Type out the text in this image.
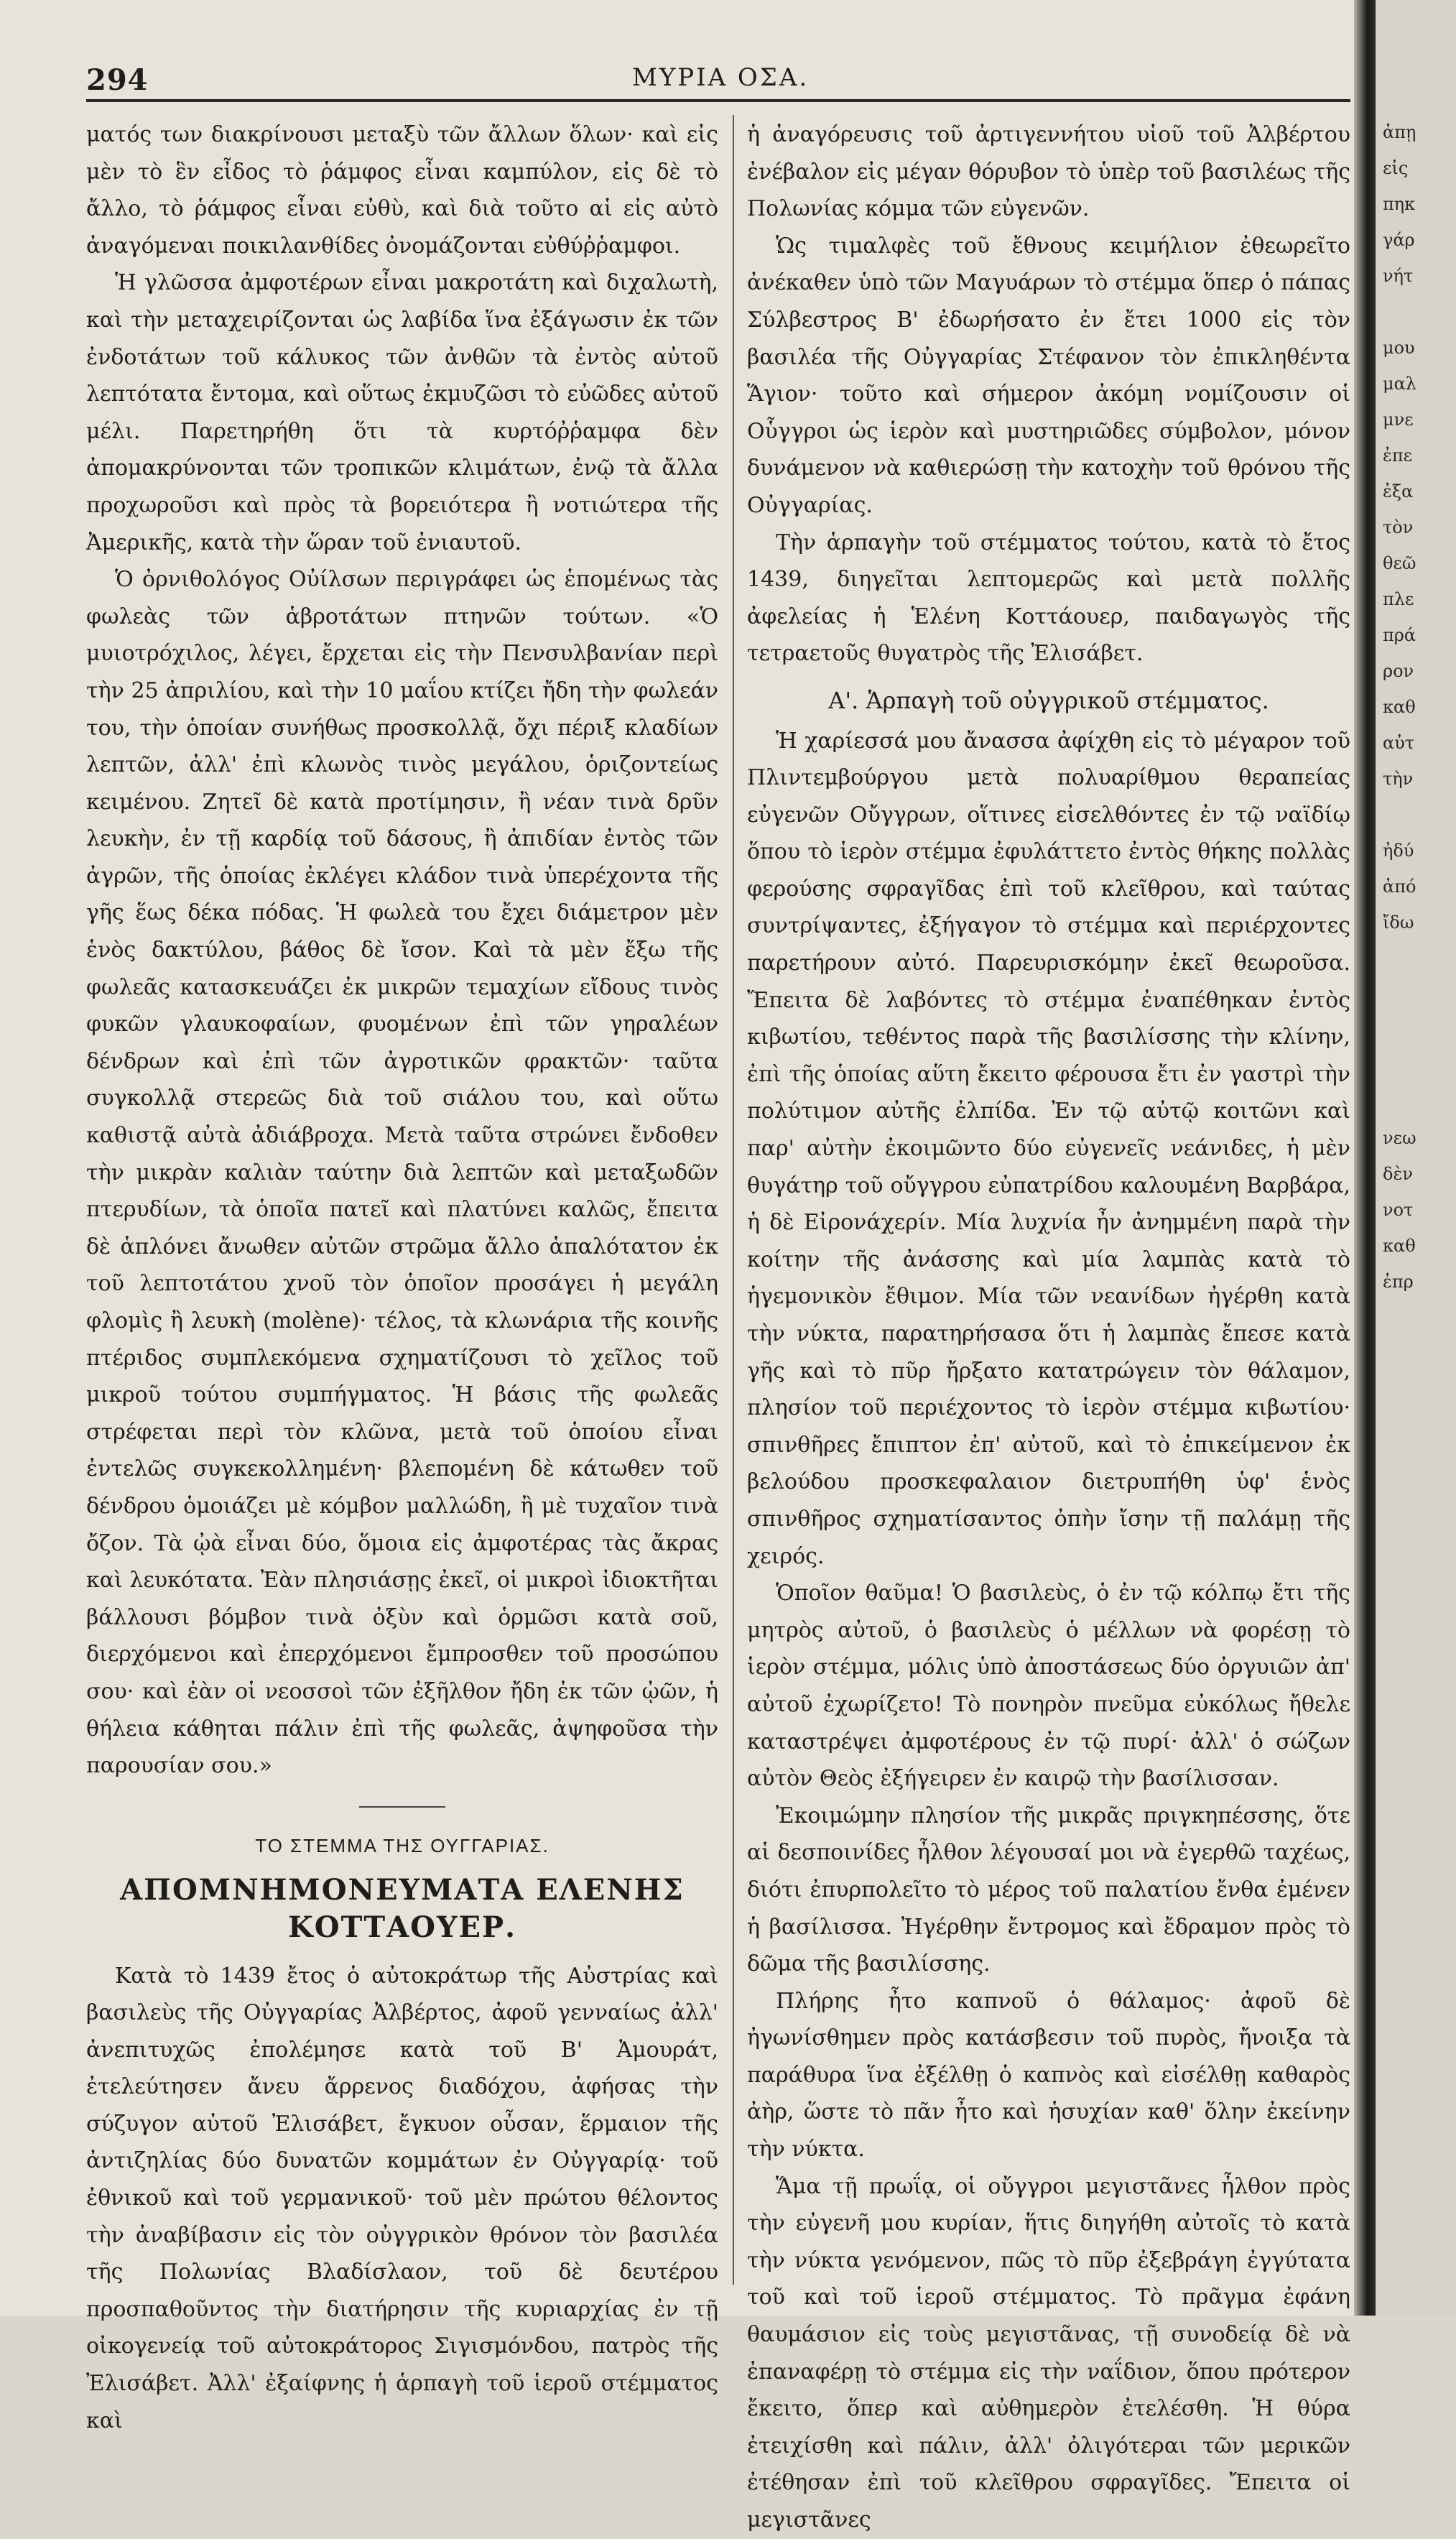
294	ΜΥΡΙΑ ΟΣΑ.

ματός των διακρίνουσι μεταξὺ τῶν ἄλλων ὅλων· καὶ εἰς μὲν τὸ ἓν εἶδος τὸ ῥάμφος εἶναι καμπύλον, εἰς δὲ τὸ ἄλλο, τὸ ῥάμφος εἶναι εὐθὺ, καὶ διὰ τοῦτο αἱ εἰς αὐτὸ ἀναγόμεναι ποικιλανθίδες ὀνομάζονται εὐθύῤῥαμφοι.

Ἡ γλῶσσα ἀμφοτέρων εἶναι μακροτάτη καὶ διχαλωτὴ, καὶ τὴν μεταχειρίζονται ὡς λαβίδα ἵνα ἐξάγωσιν ἐκ τῶν ἐνδοτάτων τοῦ κάλυκος τῶν ἀνθῶν τὰ ἐντὸς αὐτοῦ λεπτότατα ἔντομα, καὶ οὕτως ἐκμυζῶσι τὸ εὐῶδες αὐτοῦ μέλι. Παρετηρήθη ὅτι τὰ κυρτόῤῥαμφα δὲν ἀπομακρύνονται τῶν τροπικῶν κλιμάτων, ἐνῷ τὰ ἄλλα προχωροῦσι καὶ πρὸς τὰ βορειότερα ἢ νοτιώτερα τῆς Ἀμερικῆς, κατὰ τὴν ὥραν τοῦ ἐνιαυτοῦ.

Ὁ ὀρνιθολόγος Οὐίλσων περιγράφει ὡς ἑπομένως τὰς φωλεὰς τῶν ἁβροτάτων πτηνῶν τούτων. «Ὁ μυιοτρόχιλος, λέγει, ἔρχεται εἰς τὴν Πενσυλβανίαν περὶ τὴν 25 ἀπριλίου, καὶ τὴν 10 μαΐου κτίζει ἤδη τὴν φωλεάν του, τὴν ὁποίαν συνήθως προσκολλᾷ, ὄχι πέριξ κλαδίων λεπτῶν, ἀλλ' ἐπὶ κλωνὸς τινὸς μεγάλου, ὁριζοντείως κειμένου. Ζητεῖ δὲ κατὰ προτίμησιν, ἢ νέαν τινὰ δρῦν λευκὴν, ἐν τῇ καρδίᾳ τοῦ δάσους, ἢ ἀπιδίαν ἐντὸς τῶν ἀγρῶν, τῆς ὁποίας ἐκλέγει κλάδον τινὰ ὑπερέχοντα τῆς γῆς ἕως δέκα πόδας. Ἡ φωλεὰ του ἔχει διάμετρον μὲν ἑνὸς δακτύλου, βάθος δὲ ἴσον. Καὶ τὰ μὲν ἔξω τῆς φωλεᾶς κατασκευάζει ἐκ μικρῶν τεμαχίων εἴδους τινὸς φυκῶν γλαυκοφαίων, φυομένων ἐπὶ τῶν γηραλέων δένδρων καὶ ἐπὶ τῶν ἀγροτικῶν φρακτῶν· ταῦτα συγκολλᾷ στερεῶς διὰ τοῦ σιάλου του, καὶ οὕτω καθιστᾷ αὐτὰ ἀδιάβροχα. Μετὰ ταῦτα στρώνει ἔνδοθεν τὴν μικρὰν καλιὰν ταύτην διὰ λεπτῶν καὶ μεταξωδῶν πτερυδίων, τὰ ὁποῖα πατεῖ καὶ πλατύνει καλῶς, ἔπειτα δὲ ἁπλόνει ἄνωθεν αὐτῶν στρῶμα ἄλλο ἁπαλότατον ἐκ τοῦ λεπτοτάτου χνοῦ τὸν ὁποῖον προσάγει ἡ μεγάλη φλομὶς ἢ λευκὴ (molène)· τέλος, τὰ κλωνάρια τῆς κοινῆς πτέριδος συμπλεκόμενα σχηματίζουσι τὸ χεῖλος τοῦ μικροῦ τούτου συμπήγματος. Ἡ βάσις τῆς φωλεᾶς στρέφεται περὶ τὸν κλῶνα, μετὰ τοῦ ὁποίου εἶναι ἐντελῶς συγκεκολλημένη· βλεπομένη δὲ κάτωθεν τοῦ δένδρου ὁμοιάζει μὲ κόμβον μαλλώδη, ἢ μὲ τυχαῖον τινὰ ὄζον. Τὰ ᾠὰ εἶναι δύο, ὅμοια εἰς ἀμφοτέρας τὰς ἄκρας καὶ λευκότατα. Ἐὰν πλησιάσῃς ἐκεῖ, οἱ μικροὶ ἰδιοκτῆται βάλλουσι βόμβον τινὰ ὀξὺν καὶ ὁρμῶσι κατὰ σοῦ, διερχόμενοι καὶ ἐπερχόμενοι ἔμπροσθεν τοῦ προσώπου σου· καὶ ἐὰν οἱ νεοσσοὶ τῶν ἐξῆλθον ἤδη ἐκ τῶν ᾠῶν, ἡ θήλεια κάθηται πάλιν ἐπὶ τῆς φωλεᾶς, ἀψηφοῦσα τὴν παρουσίαν σου.»

ΤΟ ΣΤΕΜΜΑ ΤΗΣ ΟΥΓΓΑΡΙΑΣ.
ΑΠΟΜΝΗΜΟΝΕΥΜΑΤΑ ΕΛΕΝΗΣ ΚΟΤΤΑΟΥΕΡ.

Κατὰ τὸ 1439 ἔτος ὁ αὐτοκράτωρ τῆς Αὐστρίας καὶ βασιλεὺς τῆς Οὐγγαρίας Ἀλβέρτος, ἀφοῦ γενναίως ἀλλ' ἀνεπιτυχῶς ἐπολέμησε κατὰ τοῦ Β' Ἀμουράτ, ἐτελεύτησεν ἄνευ ἄρρενος διαδόχου, ἀφήσας τὴν σύζυγον αὐτοῦ Ἐλισάβετ, ἔγκυον οὖσαν, ἕρμαιον τῆς ἀντιζηλίας δύο δυνατῶν κομμάτων ἐν Οὐγγαρίᾳ· τοῦ ἐθνικοῦ καὶ τοῦ γερμανικοῦ· τοῦ μὲν πρώτου θέλοντος τὴν ἀναβίβασιν εἰς τὸν οὐγγρικὸν θρόνον τὸν βασιλέα τῆς Πολωνίας Βλαδίσλαον, τοῦ δὲ δευτέρου προσπαθοῦντος τὴν διατήρησιν τῆς κυριαρχίας ἐν τῇ οἰκογενείᾳ τοῦ αὐτοκράτορος Σιγισμόνδου, πατρὸς τῆς Ἐλισάβετ. Ἀλλ' ἐξαίφνης ἡ ἁρπαγὴ τοῦ ἱεροῦ στέμματος καὶ

ἡ ἀναγόρευσις τοῦ ἀρτιγεννήτου υἱοῦ τοῦ Ἀλβέρτου ἐνέβαλον εἰς μέγαν θόρυβον τὸ ὑπὲρ τοῦ βασιλέως τῆς Πολωνίας κόμμα τῶν εὐγενῶν.

Ὡς τιμαλφὲς τοῦ ἔθνους κειμήλιον ἐθεωρεῖτο ἀνέκαθεν ὑπὸ τῶν Μαγυάρων τὸ στέμμα ὅπερ ὁ πάπας Σύλβεστρος Β' ἐδωρήσατο ἐν ἔτει 1000 εἰς τὸν βασιλέα τῆς Οὐγγαρίας Στέφανον τὸν ἐπικληθέντα Ἅγιον· τοῦτο καὶ σήμερον ἀκόμη νομίζουσιν οἱ Οὗγγροι ὡς ἱερὸν καὶ μυστηριῶδες σύμβολον, μόνον δυνάμενον νὰ καθιερώσῃ τὴν κατοχὴν τοῦ θρόνου τῆς Οὐγγαρίας.

Τὴν ἁρπαγὴν τοῦ στέμματος τούτου, κατὰ τὸ ἔτος 1439, διηγεῖται λεπτομερῶς καὶ μετὰ πολλῆς ἀφελείας ἡ Ἑλένη Κοττάουερ, παιδαγωγὸς τῆς τετραετοῦς θυγατρὸς τῆς Ἐλισάβετ.

Α'. Ἁρπαγὴ τοῦ οὐγγρικοῦ στέμματος.

Ἡ χαρίεσσά μου ἄνασσα ἀφίχθη εἰς τὸ μέγαρον τοῦ Πλιντεμβούργου μετὰ πολυαρίθμου θεραπείας εὐγενῶν Οὔγγρων, οἵτινες εἰσελθόντες ἐν τῷ ναϊδίῳ ὅπου τὸ ἱερὸν στέμμα ἐφυλάττετο ἐντὸς θήκης πολλὰς φερούσης σφραγῖδας ἐπὶ τοῦ κλεῖθρου, καὶ ταύτας συντρίψαντες, ἐξήγαγον τὸ στέμμα καὶ περιέρχοντες παρετήρουν αὐτό. Παρευρισκόμην ἐκεῖ θεωροῦσα. Ἔπειτα δὲ λαβόντες τὸ στέμμα ἐναπέθηκαν ἐντὸς κιβωτίου, τεθέντος παρὰ τῆς βασιλίσσης τὴν κλίνην, ἐπὶ τῆς ὁποίας αὕτη ἔκειτο φέρουσα ἔτι ἐν γαστρὶ τὴν πολύτιμον αὐτῆς ἐλπίδα. Ἐν τῷ αὐτῷ κοιτῶνι καὶ παρ' αὐτὴν ἐκοιμῶντο δύο εὐγενεῖς νεάνιδες, ἡ μὲν θυγάτηρ τοῦ οὔγγρου εὐπατρίδου καλουμένη Βαρβάρα, ἡ δὲ Εἰρονάχερίν. Μία λυχνία ἦν ἀνημμένη παρὰ τὴν κοίτην τῆς ἀνάσσης καὶ μία λαμπὰς κατὰ τὸ ἡγεμονικὸν ἔθιμον. Μία τῶν νεανίδων ἠγέρθη κατὰ τὴν νύκτα, παρατηρήσασα ὅτι ἡ λαμπὰς ἔπεσε κατὰ γῆς καὶ τὸ πῦρ ἤρξατο κατατρώγειν τὸν θάλαμον, πλησίον τοῦ περιέχοντος τὸ ἱερὸν στέμμα κιβωτίου· σπινθῆρες ἔπιπτον ἐπ' αὐτοῦ, καὶ τὸ ἐπικείμενον ἐκ βελούδου προσκεφαλαιον διετρυπήθη ὑφ' ἑνὸς σπινθῆρος σχηματίσαντος ὀπὴν ἴσην τῇ παλάμῃ τῆς χειρός.

Ὁποῖον θαῦμα! Ὁ βασιλεὺς, ὁ ἐν τῷ κόλπῳ ἔτι τῆς μητρὸς αὐτοῦ, ὁ βασιλεὺς ὁ μέλλων νὰ φορέσῃ τὸ ἱερὸν στέμμα, μόλις ὑπὸ ἀποστάσεως δύο ὀργυιῶν ἀπ' αὐτοῦ ἐχωρίζετο! Τὸ πονηρὸν πνεῦμα εὐκόλως ἤθελε καταστρέψει ἀμφοτέρους ἐν τῷ πυρί· ἀλλ' ὁ σώζων αὐτὸν Θεὸς ἐξήγειρεν ἐν καιρῷ τὴν βασίλισσαν.

Ἐκοιμώμην πλησίον τῆς μικρᾶς πριγκηπέσσης, ὅτε αἱ δεσποινίδες ἦλθον λέγουσαί μοι νὰ ἐγερθῶ ταχέως, διότι ἐπυρπολεῖτο τὸ μέρος τοῦ παλατίου ἔνθα ἐμένεν ἡ βασίλισσα. Ἠγέρθην ἔντρομος καὶ ἔδραμον πρὸς τὸ δῶμα τῆς βασιλίσσης.

Πλήρης ἦτο καπνοῦ ὁ θάλαμος· ἀφοῦ δὲ ἠγωνίσθημεν πρὸς κατάσβεσιν τοῦ πυρὸς, ἤνοιξα τὰ παράθυρα ἵνα ἐξέλθῃ ὁ καπνὸς καὶ εἰσέλθῃ καθαρὸς ἀὴρ, ὥστε τὸ πᾶν ἦτο καὶ ἡσυχίαν καθ' ὅλην ἐκείνην τὴν νύκτα.

Ἅμα τῇ πρωΐᾳ, οἱ οὔγγροι μεγιστᾶνες ἦλθον πρὸς τὴν εὐγενῆ μου κυρίαν, ἥτις διηγήθη αὐτοῖς τὸ κατὰ τὴν νύκτα γενόμενον, πῶς τὸ πῦρ ἐξεβράγη ἐγγύτατα τοῦ καὶ τοῦ ἱεροῦ στέμματος. Τὸ πρᾶγμα ἐφάνη θαυμάσιον εἰς τοὺς μεγιστᾶνας, τῇ συνοδείᾳ δὲ νὰ ἐπαναφέρῃ τὸ στέμμα εἰς τὴν ναΐδιον, ὅπου πρότερον ἔκειτο, ὅπερ καὶ αὐθημερὸν ἐτελέσθη. Ἡ θύρα ἐτειχίσθη καὶ πάλιν, ἀλλ' ὀλιγότεραι τῶν μερικῶν ἐτέθησαν ἐπὶ τοῦ κλεῖθρου σφραγῖδες. Ἔπειτα οἱ μεγιστᾶνες

ἀπῃ
εἰς
πηκ
γάρ
νήτ
μου
μαλ
μνε
ἐπε
ἐξα
τὸν
θεῶ
πλε
πρά
ρον
καθ
αὐτ
τὴν
ἠδύ
ἀπό
ἴδω
νεω
δὲν
νοτ
καθ
ἐπρ
